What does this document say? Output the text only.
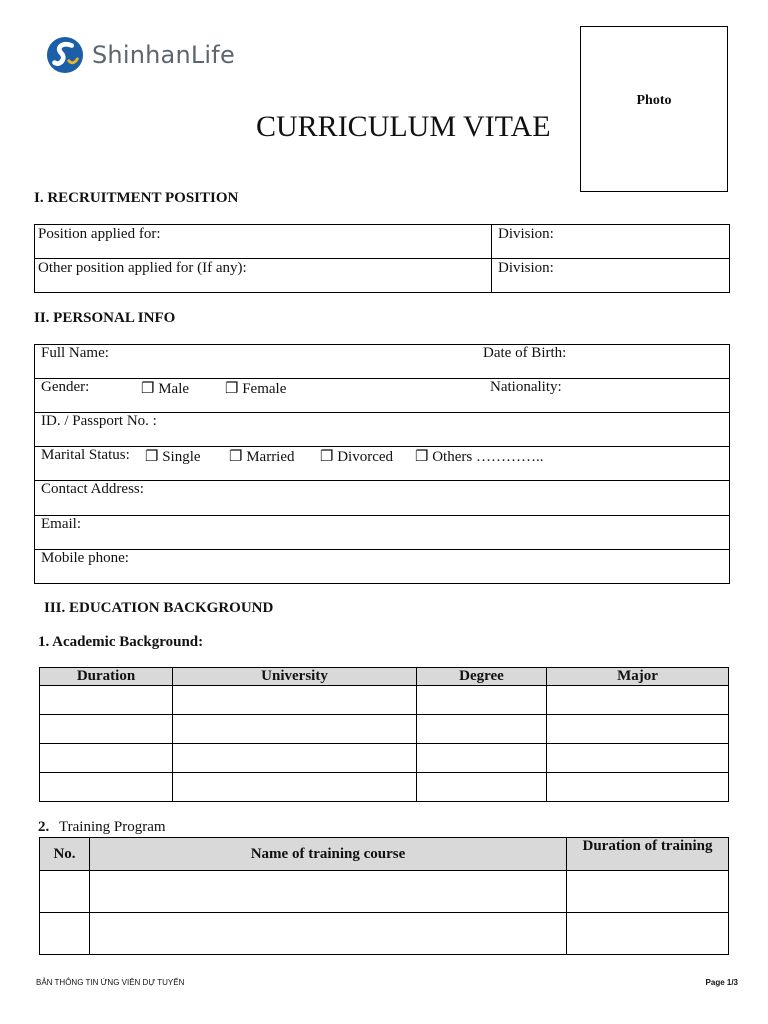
ShinhanLife
Photo
CURRICULUM VITAE
I. RECRUITMENT POSITION
Position applied for:	Division:

Other position applied for (If any):	Division:
II. PERSONAL INFO
Full Name:	Date of Birth:
Gender:	❐ Male ❐ Female	Nationality:
ID. / Passport No. :
Marital Status: ❐ Single ❐ Married ❐ Divorced ❐ Others …………..
Contact Address:
Email:
Mobile phone:
III. EDUCATION BACKGROUND
1. Academic Background:
Duration	University	Degree	Major

2. Training Program
No.	Name of training course	Duration of training

BẢN THÔNG TIN ỨNG VIÊN DỰ TUYỂN	Page 1/3
